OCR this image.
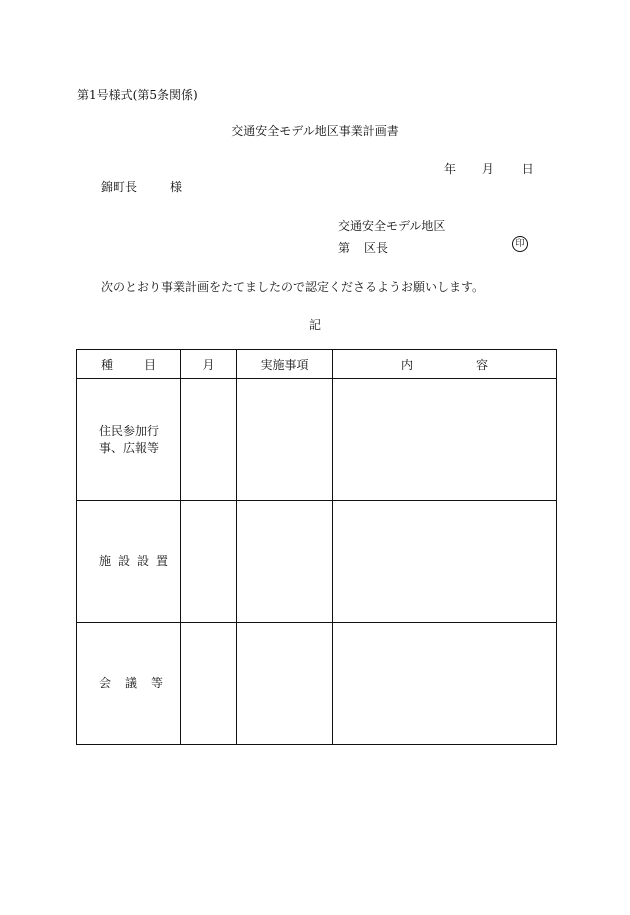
第1号様式(第5条関係)
交通安全モデル地区事業計画書
年 月 日
錦町長	様
交通安全モデル地区
第 区長	印
次のとおり事業計画をたてましたので認定くださるようお願いします。
記
種 目	月	実施事項	内 容

住民参加行
事、広報等			

施 設 設 置			
会 議 等			
